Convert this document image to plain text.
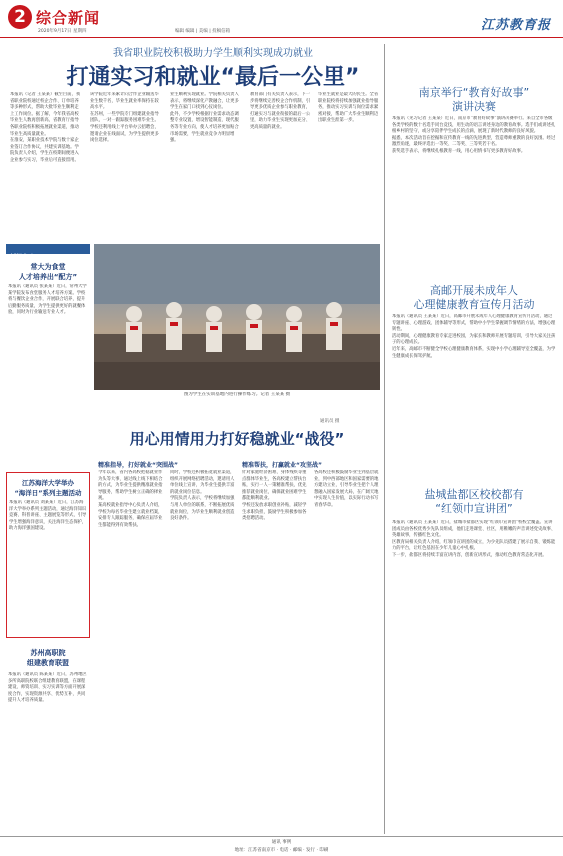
2 综合新闻
2020年9月17日 星期四	编辑 编辑 | 美编 | 投稿信箱	江苏教育报
我省职业院校积极助力学生顺利实现成功就业
打通实习和就业“最后一公里”
本报讯（记者 王某某）截至目前，我省职业院校通过校企合作、订单培养等多种形式，帮助大批毕业生顺利走上工作岗位。据了解，今年我省高校毕业生人数再创新高，省教育厅指导各职业院校积极拓展就业渠道，推动毕业生高质量就业。
在淮安，某职业技术学院与数十家企业签订合作协议，共建实训基地。学院负责人介绍，学生在校期间便进入企业参与实习，毕业后可直接留用。
该学院近年来累计向合作企业输送毕业生数千名，毕业生就业率保持在较高水平。
在苏州，一些学院专门组建就业指导团队，一对一跟踪服务困难毕业生。学校还利用线上平台举办云招聘会，邀请企业在线面试，为学生提供更多岗位选择。
业生顺利实现就业。学院相关负责人表示，将继续深化产教融合，让更多学生在家门口找到心仪岗位。
此外，不少学校根据行业需求动态调整专业设置，增设智能制造、现代服务等专业方向，使人才培养更加贴合市场需要，学生就业竞争力明显增强。
教育部门有关负责人表示，下一步将继续完善校企合作机制，引导更多优质企业参与职业教育，打通实习与就业衔接的最后一公里，助力毕业生实现更加充分、更高质量的就业。
毕业生就业是最大的民生。全省职业院校将持续加强就业指导服务，推动实习实训与岗位需求紧密对接，帮助广大毕业生顺利迈出职业生涯第一步。
南京举行“教育好故事”
演讲决赛
本报讯（见习记者 王某某）近日，南京市“教育好故事”演讲决赛举行。来自全市各级各类学校的数十名选手同台竞技，用生动的语言讲述身边的教育故事。选手们或讲述扎根乡村的坚守，或分享陪伴学生成长的点滴，展现了新时代教师的良好风貌。
据悉，本次活动旨在挖掘和宣传教育一线的先进典型，营造尊师重教的良好氛围。经过激烈角逐，最终评选出一等奖、二等奖、三等奖若干名。
获奖选手表示，将继续扎根教育一线，用心用情书写更多教育好故事。
高邮开展未成年人
心理健康教育宣传月活动
本报讯（通讯员 王某某）近日，高邮市开展未成年人心理健康教育宣传月活动，通过专题讲座、心理游戏、团体辅导等形式，帮助中小学生掌握调节情绪的方法，增强心理韧性。
活动期间，心理健康教育专家走进校园，为家长和教师开展专题培训，引导大家关注孩子的心理成长。
近年来，高邮市不断健全学校心理健康教育体系，实现中小学心理辅导室全覆盖，为学生健康成长保驾护航。
盐城盐都区校校都有
“红领巾宣讲团”
本报讯（通讯员 王某某）近日，盐城市盐都区实现“红领巾宣讲团”校校全覆盖。宣讲团成员由各校优秀少先队员组成，他们走进课堂、社区，用稚嫩的声音讲述党史故事、英雄故事，传播红色文化。
区教育局相关负责人介绍，红领巾宣讲团的成立，为少先队员搭建了展示自我、锻炼能力的平台，让红色基因在少年儿童心中扎根。
下一步，盐都区将持续丰富宣讲内容，创新宣讲形式，推动红色教育常态化开展。
新闻夹叶
常大为食堂
人才培养出“配方”
本报讯（通讯员 张某某）近日，常州大学某学院发布食堂服务人才培养方案。学校将与餐饮企业合作，开展联合培养，提升后勤服务质量，为学生提供更好的就餐体验，同时为行业输送专业人才。
江苏海洋大学举办
“海洋日”系列主题活动
本报讯（通讯员 刘某某）近日，江苏海洋大学举办系列主题活动，通过海洋知识竞赛、科普讲座、主题展览等形式，引导学生增强海洋意识，关注海洋生态保护，助力海洋强国建设。
苏州高职院
组建教育联盟
本报讯（通讯员 陈某某）近日，苏州地区多所高职院校联合组建教育联盟，在课程建设、师资培训、实习实训等方面开展深度合作，实现资源共享、优势互补，共同提升人才培养质量。
图为学生在实训基地内进行操作练习。记者 王某某 摄
通讯员 摄
用心用情用力打好稳就业“战役”
精准指导，打好就业“突围战”
今年以来，省内各高校把稳就业作为头等大事，通过线上线下相结合的方式，为毕业生提供精准就业指导服务，帮助学生树立正确的择业观。
某高校就业指导中心负责人介绍，学校为每名毕业生建立就业档案，安排专人跟踪服务，确保应届毕业生都能得到有效帮扶。
同时，学校还积极拓宽就业渠道，组织开展网络招聘活动，邀请用人单位线上宣讲，为毕业生提供丰富的就业岗位信息。
学院负责人表示，学校将继续加强与用人单位的联系，不断拓展优质就业岗位，为毕业生顺利就业创造良好条件。
精准帮扶，打赢就业“攻坚战”
针对家庭经济困难、身体残疾等重点群体毕业生，各高校建立帮扶台账，实行一人一策精准帮扶，优先推荐就业岗位，确保就业困难学生都能顺利就业。
学校还发放求职创业补贴，减轻学生求职负担，鼓励学生积极参加各类招聘活动。
各高校还积极鼓励毕业生到基层就业，到中西部地区和国家需要的地方建功立业，引导毕业生把个人理想融入国家发展大局，在广阔天地中实现人生价值，以实际行动书写青春华章。
通讯 事例
地址：江苏省南京市 · 电话 · 邮编 · 发行 · 印刷
